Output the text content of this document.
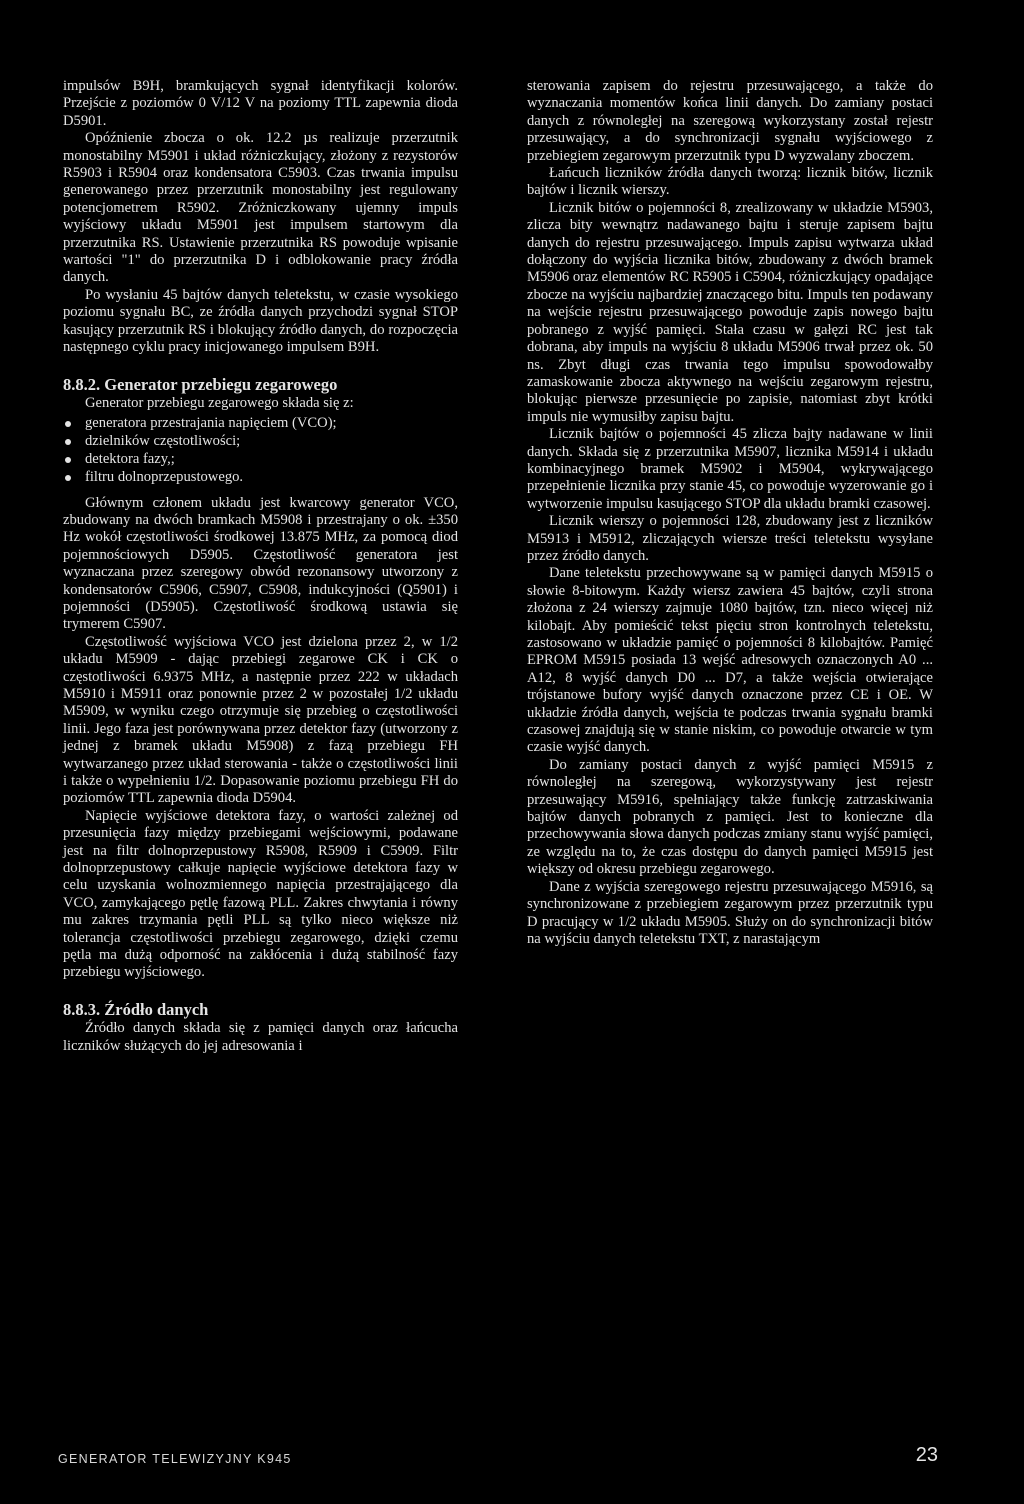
impulsów B9H, bramkujących sygnał identyfikacji kolorów. Przejście z poziomów 0 V/12 V na poziomy TTL zapewnia dioda D5901.

Opóźnienie zbocza o ok. 12.2 µs realizuje przerzutnik monostabilny M5901 i układ różniczkujący, złożony z rezystorów R5903 i R5904 oraz kondensatora C5903. Czas trwania impulsu generowanego przez przerzutnik monostabilny jest regulowany potencjometrem R5902. Zróżniczkowany ujemny impuls wyjściowy układu M5901 jest impulsem startowym dla przerzutnika RS. Ustawienie przerzutnika RS powoduje wpisanie wartości "1" do przerzutnika D i odblokowanie pracy źródła danych.

Po wysłaniu 45 bajtów danych teletekstu, w czasie wysokiego poziomu sygnału BC, ze źródła danych przychodzi sygnał STOP kasujący przerzutnik RS i blokujący źródło danych, do rozpoczęcia następnego cyklu pracy inicjowanego impulsem B9H.

8.8.2. Generator przebiegu zegarowego

Generator przebiegu zegarowego składa się z:

generatora przestrajania napięciem (VCO);
dzielników częstotliwości;
detektora fazy,;
filtru dolnoprzepustowego.

Głównym członem układu jest kwarcowy generator VCO, zbudowany na dwóch bramkach M5908 i przestrajany o ok. ±350 Hz wokół częstotliwości środkowej 13.875 MHz, za pomocą diod pojemnościowych D5905. Częstotliwość generatora jest wyznaczana przez szeregowy obwód rezonansowy utworzony z kondensatorów C5906, C5907, C5908, indukcyjności (Q5901) i pojemności (D5905). Częstotliwość środkową ustawia się trymerem C5907.

Częstotliwość wyjściowa VCO jest dzielona przez 2, w 1/2 układu M5909 - dając przebiegi zegarowe CK i CK o częstotliwości 6.9375 MHz, a następnie przez 222 w układach M5910 i M5911 oraz ponownie przez 2 w pozostałej 1/2 układu M5909, w wyniku czego otrzymuje się przebieg o częstotliwości linii. Jego faza jest porównywana przez detektor fazy (utworzony z jednej z bramek układu M5908) z fazą przebiegu FH wytwarzanego przez układ sterowania - także o częstotliwości linii i także o wypełnieniu 1/2. Dopasowanie poziomu przebiegu FH do poziomów TTL zapewnia dioda D5904.

Napięcie wyjściowe detektora fazy, o wartości zależnej od przesunięcia fazy między przebiegami wejściowymi, podawane jest na filtr dolnoprzepustowy R5908, R5909 i C5909. Filtr dolnoprzepustowy całkuje napięcie wyjściowe detektora fazy w celu uzyskania wolnozmiennego napięcia przestrajającego dla VCO, zamykającego pętlę fazową PLL. Zakres chwytania i równy mu zakres trzymania pętli PLL są tylko nieco większe niż tolerancja częstotliwości przebiegu zegarowego, dzięki czemu pętla ma dużą odporność na zakłócenia i dużą stabilność fazy przebiegu wyjściowego.

8.8.3. Źródło danych

Źródło danych składa się z pamięci danych oraz łańcucha liczników służących do jej adresowania i

sterowania zapisem do rejestru przesuwającego, a także do wyznaczania momentów końca linii danych. Do zamiany postaci danych z równoległej na szeregową wykorzystany został rejestr przesuwający, a do synchronizacji sygnału wyjściowego z przebiegiem zegarowym przerzutnik typu D wyzwalany zboczem.

Łańcuch liczników źródła danych tworzą: licznik bitów, licznik bajtów i licznik wierszy.

Licznik bitów o pojemności 8, zrealizowany w układzie M5903, zlicza bity wewnątrz nadawanego bajtu i steruje zapisem bajtu danych do rejestru przesuwającego. Impuls zapisu wytwarza układ dołączony do wyjścia licznika bitów, zbudowany z dwóch bramek M5906 oraz elementów RC R5905 i C5904, różniczkujący opadające zbocze na wyjściu najbardziej znaczącego bitu. Impuls ten podawany na wejście rejestru przesuwającego powoduje zapis nowego bajtu pobranego z wyjść pamięci. Stała czasu w gałęzi RC jest tak dobrana, aby impuls na wyjściu 8 układu M5906 trwał przez ok. 50 ns. Zbyt długi czas trwania tego impulsu spowodowałby zamaskowanie zbocza aktywnego na wejściu zegarowym rejestru, blokując pierwsze przesunięcie po zapisie, natomiast zbyt krótki impuls nie wymusiłby zapisu bajtu.

Licznik bajtów o pojemności 45 zlicza bajty nadawane w linii danych. Składa się z przerzutnika M5907, licznika M5914 i układu kombinacyjnego bramek M5902 i M5904, wykrywającego przepełnienie licznika przy stanie 45, co powoduje wyzerowanie go i wytworzenie impulsu kasującego STOP dla układu bramki czasowej.

Licznik wierszy o pojemności 128, zbudowany jest z liczników M5913 i M5912, zliczających wiersze treści teletekstu wysyłane przez źródło danych.

Dane teletekstu przechowywane są w pamięci danych M5915 o słowie 8-bitowym. Każdy wiersz zawiera 45 bajtów, czyli strona złożona z 24 wierszy zajmuje 1080 bajtów, tzn. nieco więcej niż kilobajt. Aby pomieścić tekst pięciu stron kontrolnych teletekstu, zastosowano w układzie pamięć o pojemności 8 kilobajtów. Pamięć EPROM M5915 posiada 13 wejść adresowych oznaczonych A0 ... A12, 8 wyjść danych D0 ... D7, a także wejścia otwierające trójstanowe bufory wyjść danych oznaczone przez CE i OE. W układzie źródła danych, wejścia te podczas trwania sygnału bramki czasowej znajdują się w stanie niskim, co powoduje otwarcie w tym czasie wyjść danych.

Do zamiany postaci danych z wyjść pamięci M5915 z równoległej na szeregową, wykorzystywany jest rejestr przesuwający M5916, spełniający także funkcję zatrzaskiwania bajtów danych pobranych z pamięci. Jest to konieczne dla przechowywania słowa danych podczas zmiany stanu wyjść pamięci, ze względu na to, że czas dostępu do danych pamięci M5915 jest większy od okresu przebiegu zegarowego.

Dane z wyjścia szeregowego rejestru przesuwającego M5916, są synchronizowane z przebiegiem zegarowym przez przerzutnik typu D pracujący w 1/2 układu M5905. Służy on do synchronizacji bitów na wyjściu danych teletekstu TXT, z narastającym

GENERATOR TELEWIZYJNY K945	23
